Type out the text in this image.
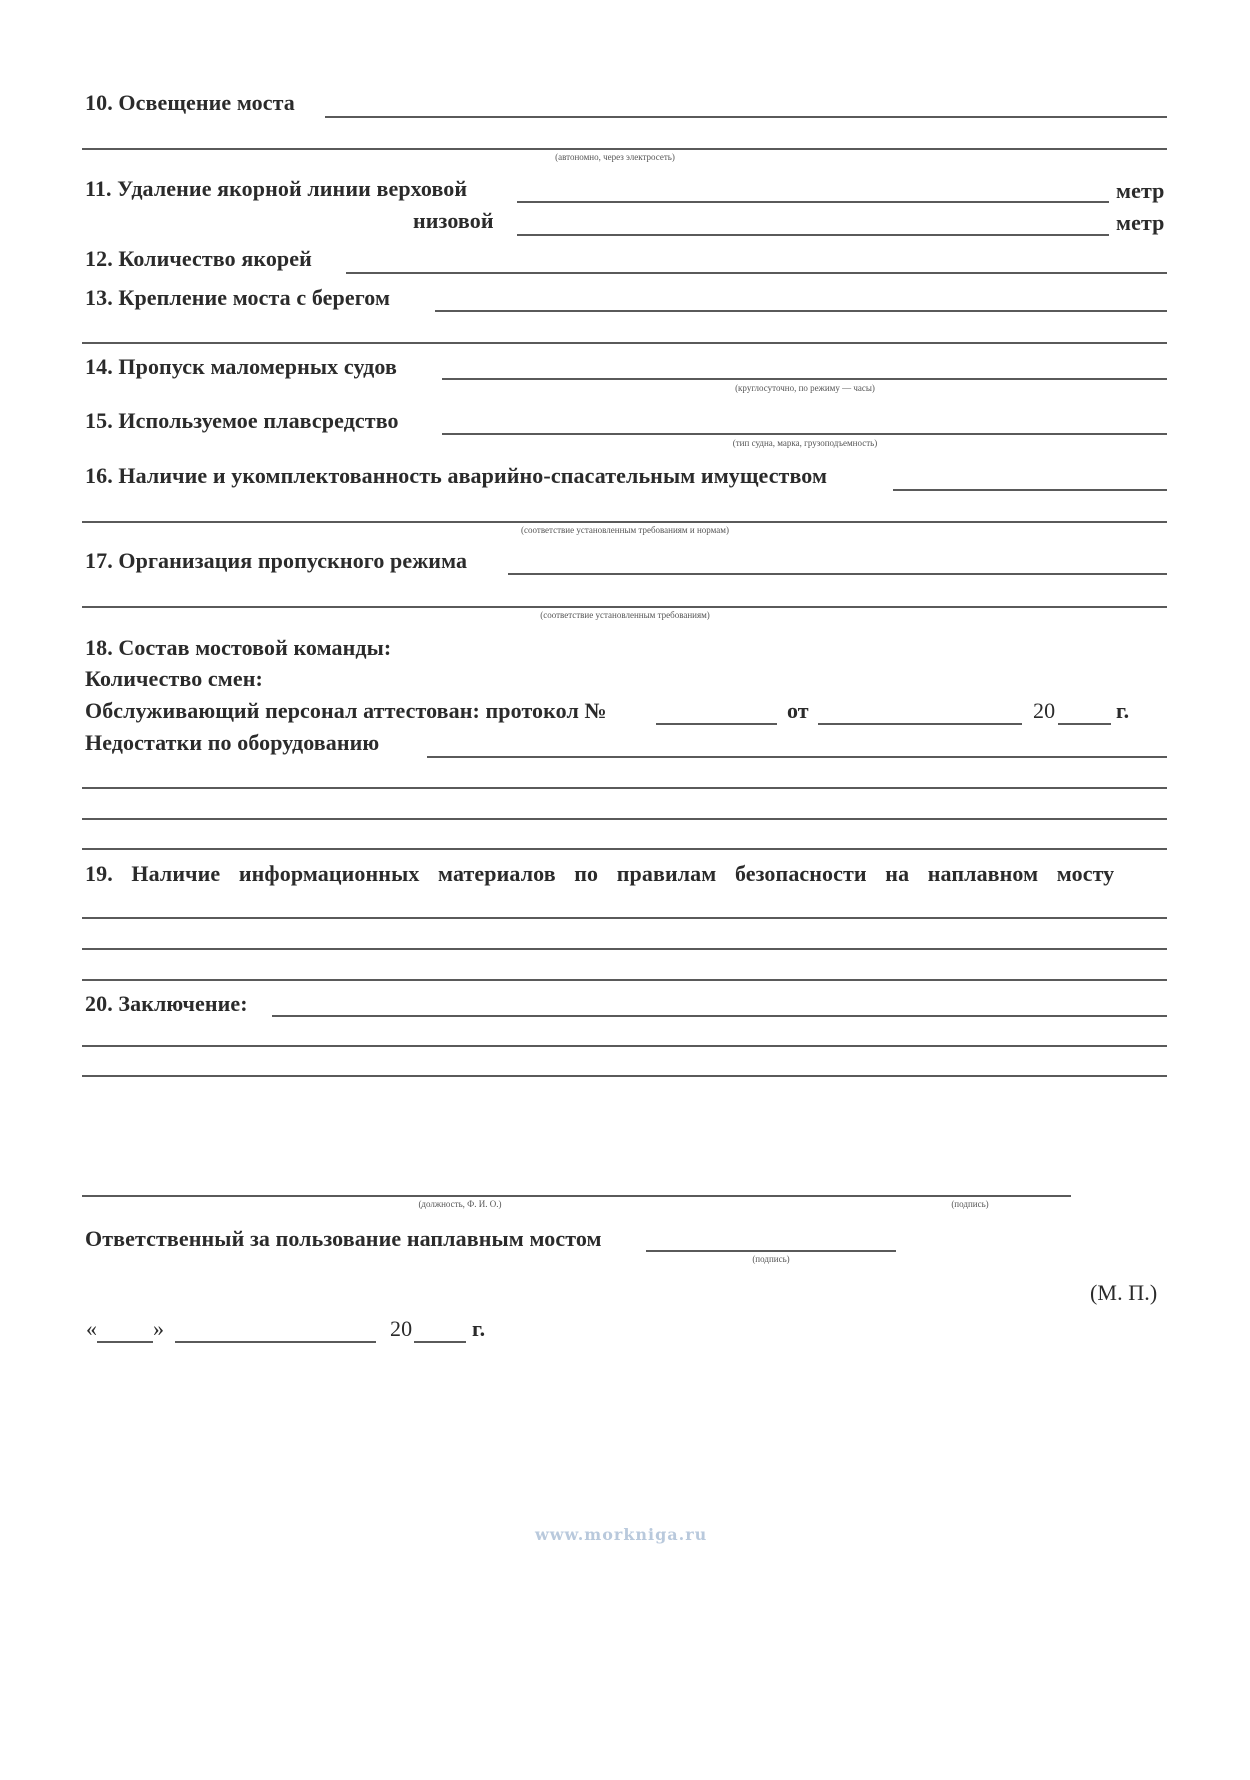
10. Освещение моста
(автономно, через электросеть)
11. Удаление якорной линии верховой	метр
низовой	метр
12. Количество якорей
13. Крепление моста с берегом
14. Пропуск маломерных судов
(круглосуточно, по режиму — часы)
15. Используемое плавсредство
(тип судна, марка, грузоподъемность)
16. Наличие и укомплектованность аварийно-спасательным имуществом
(соответствие установленным требованиям и нормам)
17. Организация пропускного режима
(соответствие установленным требованиям)
18. Состав мостовой команды:
Количество смен:
Обслуживающий персонал аттестован: протокол №	от	20	г.
Недостатки по оборудованию
19. Наличие информационных материалов по правилам безопасности на наплавном мосту
20. Заключение:
(должность, Ф. И. О.)	(подпись)
Ответственный за пользование наплавным мостом
(подпись)
(М. П.)
«	»	20	г.
www.morkniga.ru
